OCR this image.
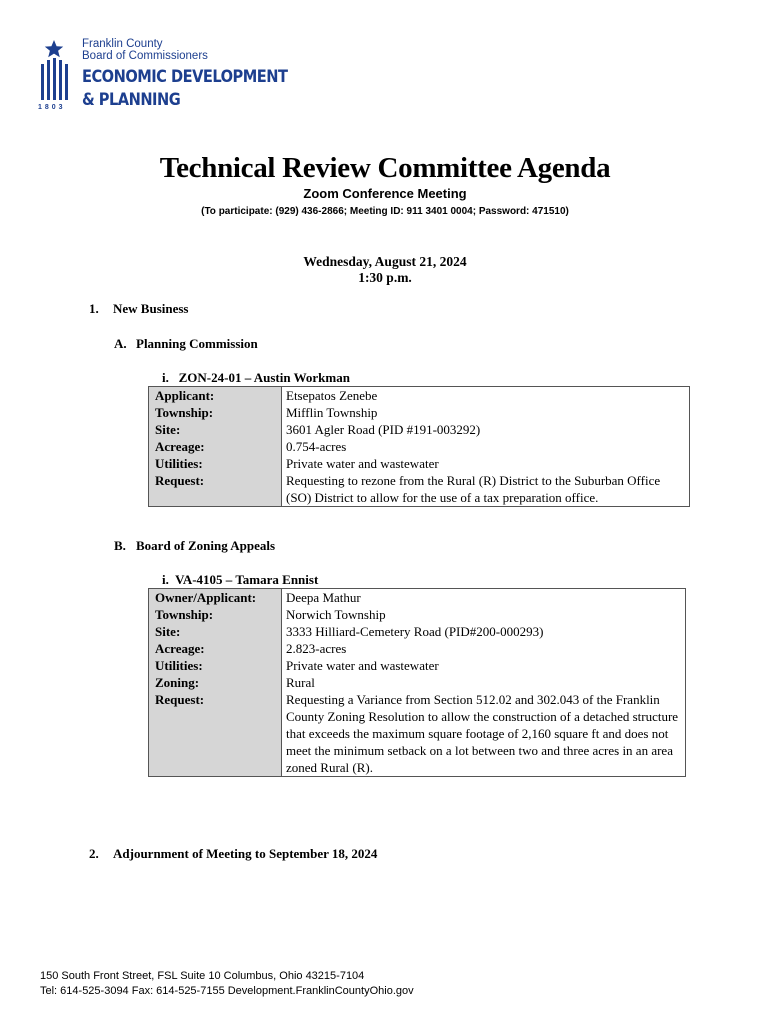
Franklin County
Board of Commissioners
ECONOMIC DEVELOPMENT
& PLANNING
1803
Technical Review Committee Agenda
Zoom Conference Meeting
(To participate: (929) 436-2866; Meeting ID: 911 3401 0004; Password: 471510)
Wednesday, August 21, 2024
1:30 p.m.
1. New Business
A. Planning Commission
i.   ZON-24-01 – Austin Workman
Applicant:	Etsepatos Zenebe
Township:	Mifflin Township
Site:	3601 Agler Road (PID #191-003292)
Acreage:	0.754-acres
Utilities:	Private water and wastewater
Request:	Requesting to rezone from the Rural (R) District to the Suburban Office (SO) District to allow for the use of a tax preparation office.
B. Board of Zoning Appeals
i.  VA-4105 – Tamara Ennist
Owner/Applicant:	Deepa Mathur
Township:	Norwich Township
Site:	3333 Hilliard-Cemetery Road (PID#200-000293)
Acreage:	2.823-acres
Utilities:	Private water and wastewater
Zoning:	Rural
Request:	Requesting a Variance from Section 512.02 and 302.043 of the Franklin County Zoning Resolution to allow the construction of a detached structure that exceeds the maximum square footage of 2,160 square ft and does not meet the minimum setback on a lot between two and three acres in an area zoned Rural (R).
2. Adjournment of Meeting to September 18, 2024
150 South Front Street, FSL Suite 10 Columbus, Ohio 43215-7104
Tel: 614-525-3094 Fax: 614-525-7155 Development.FranklinCountyOhio.gov
